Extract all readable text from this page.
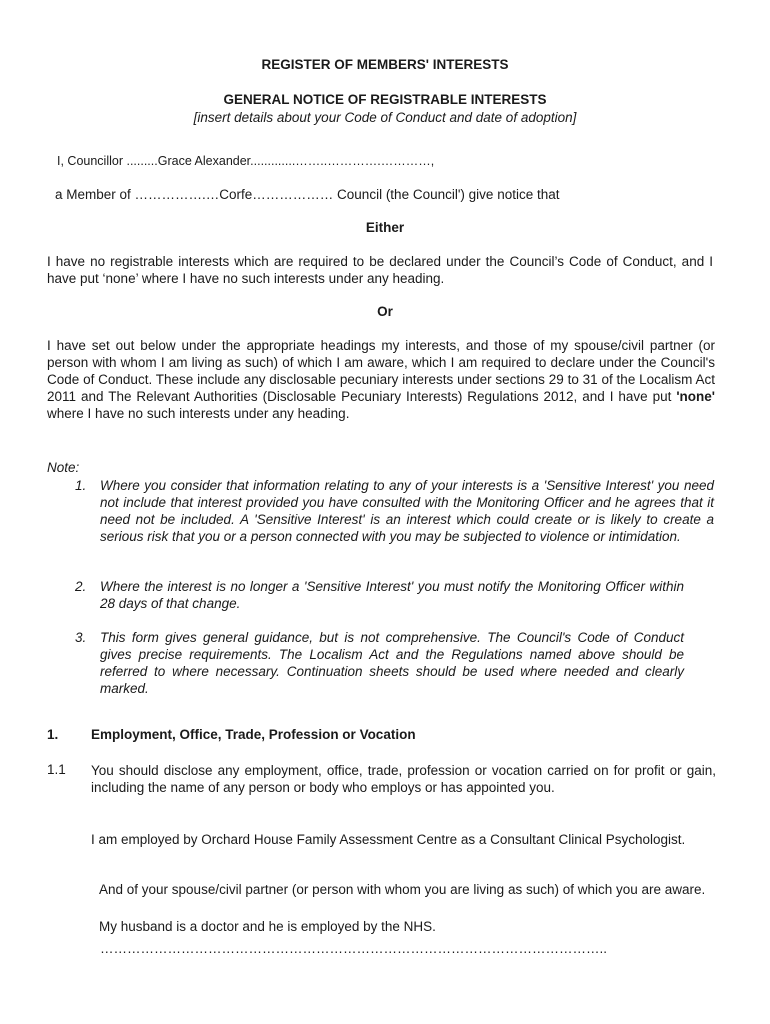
REGISTER OF MEMBERS' INTERESTS
GENERAL NOTICE OF REGISTRABLE INTERESTS
[insert details about your Code of Conduct and date of adoption]
I, Councillor .........Grace Alexander.............……..………….…………,
a Member of …………….…Corfe……………… Council (the Council') give notice that
Either
I have no registrable interests which are required to be declared under the Council’s Code of Conduct, and I have put ‘none’ where I have no such interests under any heading.
Or
I have set out below under the appropriate headings my interests, and those of my spouse/civil partner (or person with whom I am living as such) of which I am aware, which I am required to declare under the Council's Code of Conduct. These include any disclosable pecuniary interests under sections 29 to 31 of the Localism Act 2011 and The Relevant Authorities (Disclosable Pecuniary Interests) Regulations 2012, and I have put 'none' where I have no such interests under any heading.
Note:
1. Where you consider that information relating to any of your interests is a 'Sensitive Interest' you need not include that interest provided you have consulted with the Monitoring Officer and he agrees that it need not be included. A 'Sensitive Interest' is an interest which could create or is likely to create a serious risk that you or a person connected with you may be subjected to violence or intimidation.
2. Where the interest is no longer a 'Sensitive Interest' you must notify the Monitoring Officer within 28 days of that change.
3. This form gives general guidance, but is not comprehensive. The Council's Code of Conduct gives precise requirements. The Localism Act and the Regulations named above should be referred to where necessary. Continuation sheets should be used where needed and clearly marked.
1. Employment, Office, Trade, Profession or Vocation
1.1 You should disclose any employment, office, trade, profession or vocation carried on for profit or gain, including the name of any person or body who employs or has appointed you.
I am employed by Orchard House Family Assessment Centre as a Consultant Clinical Psychologist.
And of your spouse/civil partner (or person with whom you are living as such) of which you are aware.
My husband is a doctor and he is employed by the NHS.
…………………………………………………………………………………………………..
